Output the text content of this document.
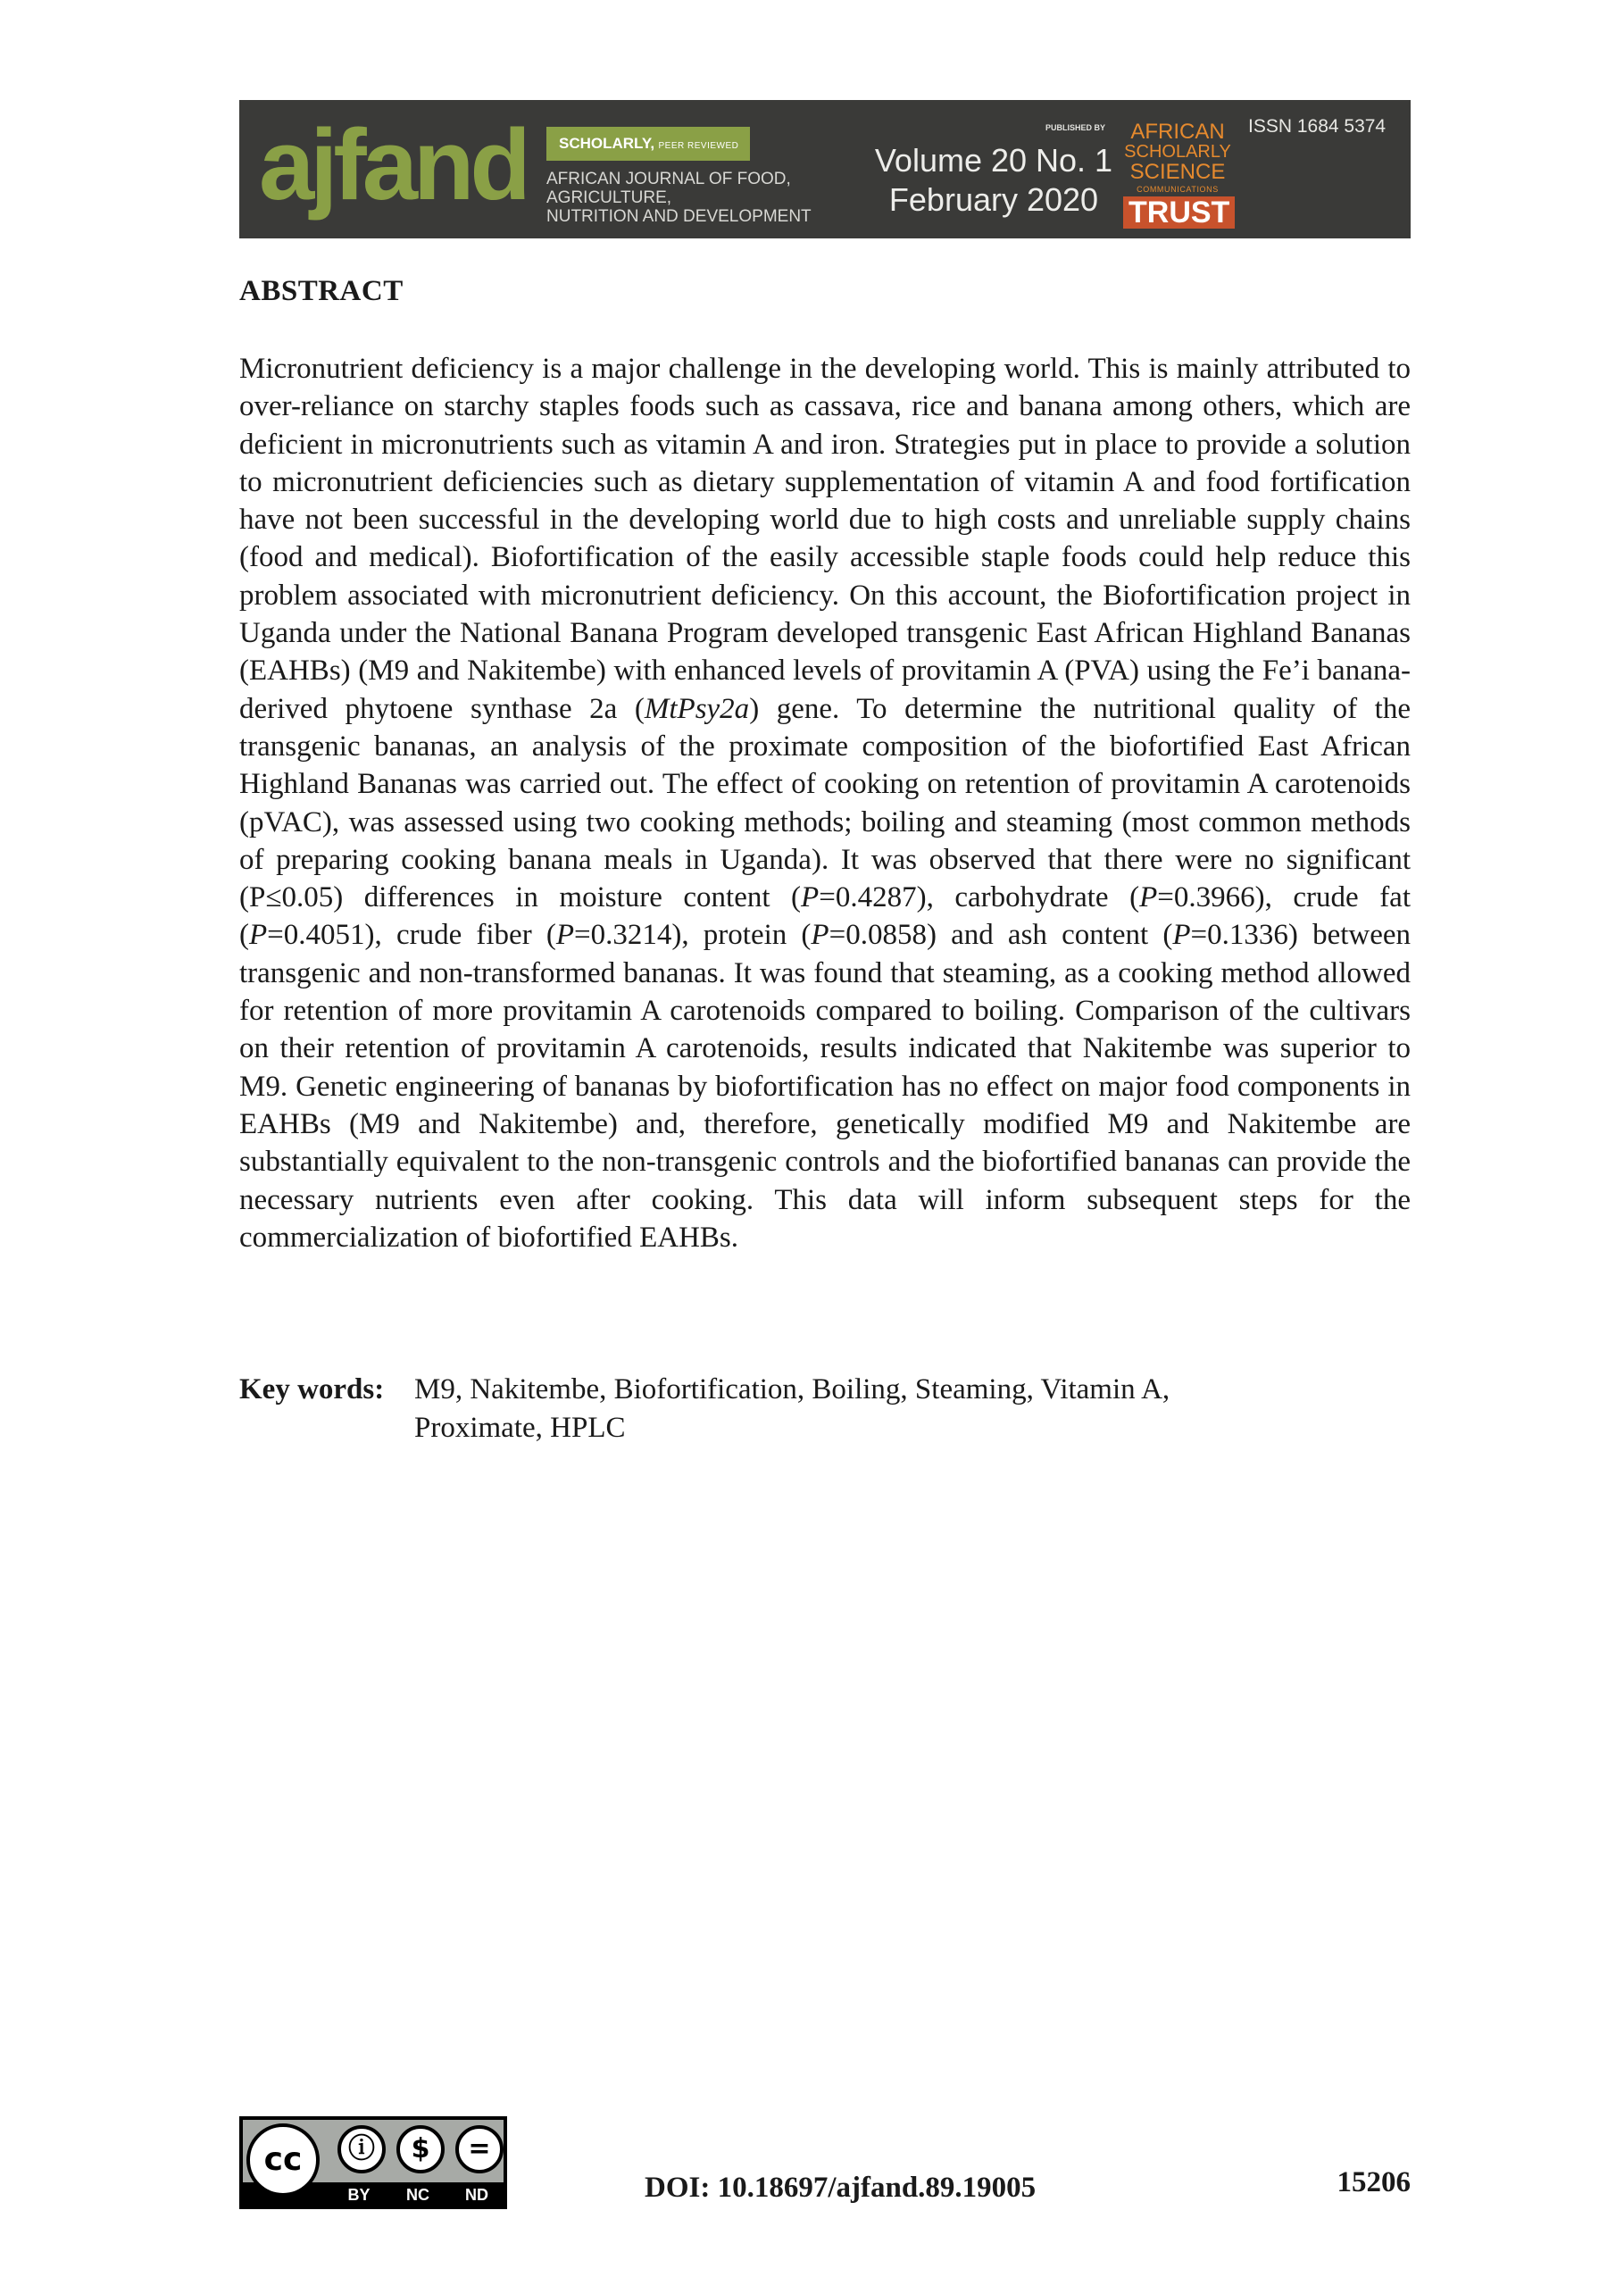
ajfand SCHOLARLY, PEER REVIEWED
AFRICAN JOURNAL OF FOOD, AGRICULTURE,
NUTRITION AND DEVELOPMENT
Volume 20 No. 1
February 2020
PUBLISHED BY	AFRICAN
SCHOLARLY
SCIENCE
COMMUNICATIONS
TRUST
ISSN 1684 5374
ABSTRACT

Micronutrient deficiency is a major challenge in the developing world. This is mainly attributed to over-reliance on starchy staples foods such as cassava, rice and banana among others, which are deficient in micronutrients such as vitamin A and iron. Strategies put in place to provide a solution to micronutrient deficiencies such as dietary supplementation of vitamin A and food fortification have not been successful in the developing world due to high costs and unreliable supply chains (food and medical). Biofortification of the easily accessible staple foods could help reduce this problem associated with micronutrient deficiency. On this account, the Biofortification project in Uganda under the National Banana Program developed transgenic East African Highland Bananas (EAHBs) (M9 and Nakitembe) with enhanced levels of provitamin A (PVA) using the Fe’i banana-derived phytoene synthase 2a (MtPsy2a) gene. To determine the nutritional quality of the transgenic bananas, an analysis of the proximate composition of the biofortified East African Highland Bananas was carried out. The effect of cooking on retention of provitamin A carotenoids (pVAC), was assessed using two cooking methods; boiling and steaming (most common methods of preparing cooking banana meals in Uganda). It was observed that there were no significant (P≤0.05) differences in moisture content (P=0.4287), carbohydrate (P=0.3966), crude fat (P=0.4051), crude fiber (P=0.3214), protein (P=0.0858) and ash content (P=0.1336) between transgenic and non-transformed bananas. It was found that steaming, as a cooking method allowed for retention of more provitamin A carotenoids compared to boiling. Comparison of the cultivars on their retention of provitamin A carotenoids, results indicated that Nakitembe was superior to M9. Genetic engineering of bananas by biofortification has no effect on major food components in EAHBs (M9 and Nakitembe) and, therefore, genetically modified M9 and Nakitembe are substantially equivalent to the non-transgenic controls and the biofortified bananas can provide the necessary nutrients even after cooking. This data will inform subsequent steps for the commercialization of biofortified EAHBs.

Key words: M9, Nakitembe, Biofortification, Boiling, Steaming, Vitamin A, Proximate, HPLC
cc	ⓘ	$	=
BY	NC	ND	DOI: 10.18697/ajfand.89.19005	15206
